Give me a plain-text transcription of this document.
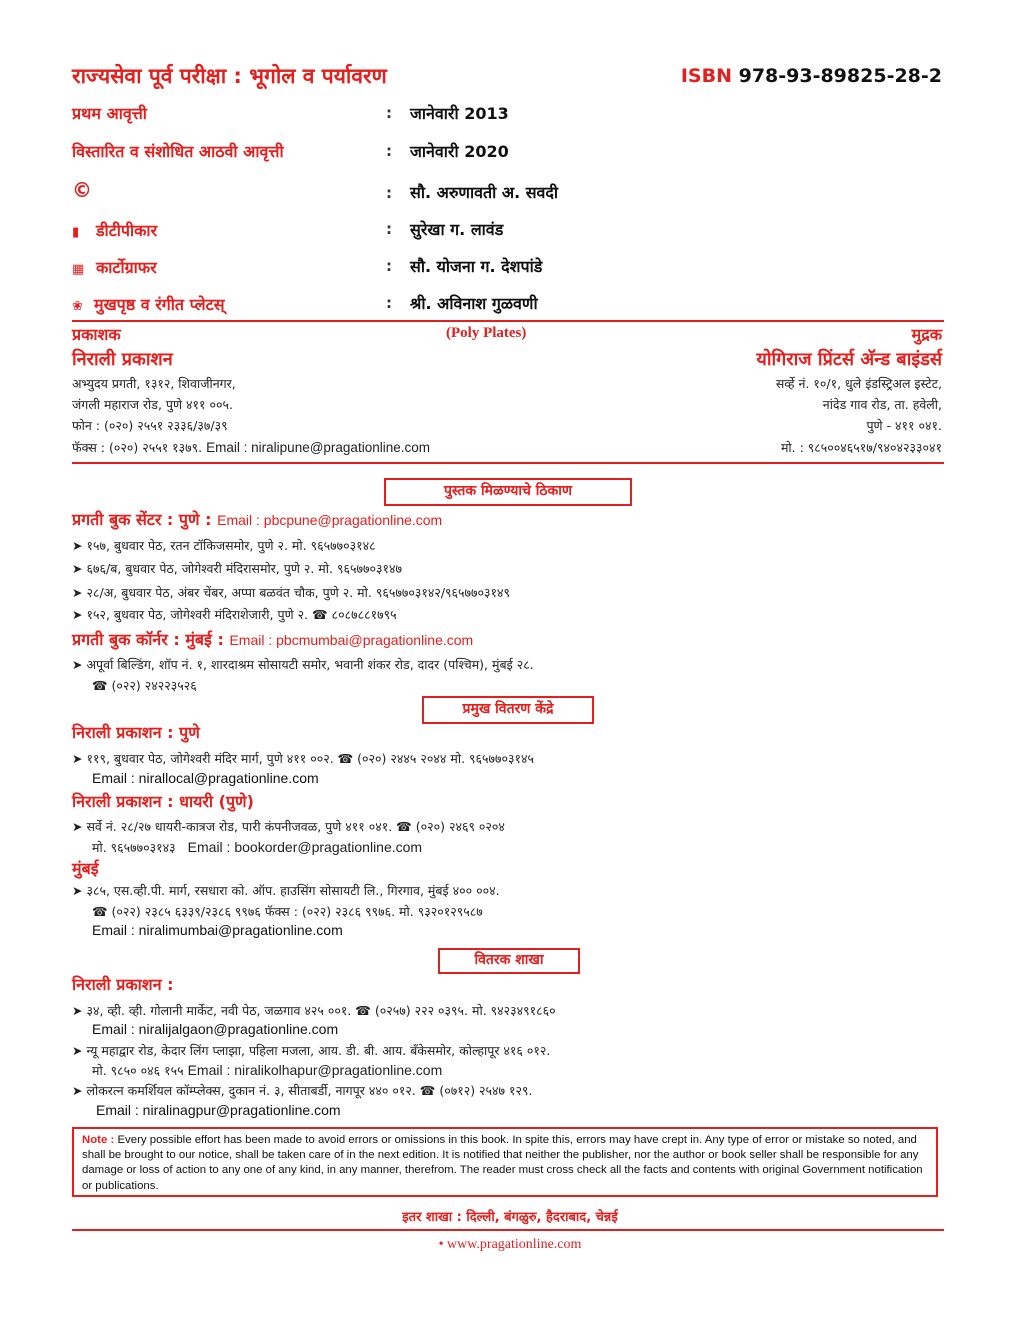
राज्यसेवा पूर्व परीक्षा : भूगोल व पर्यावरण	ISBN 978-93-89825-28-2
प्रथम आवृत्ती	: जानेवारी 2013
विस्तारित व संशोधित आठवी आवृत्ती	: जानेवारी 2020
©	: सौ. अरुणावती अ. सवदी
▮ डीटीपीकार	: सुरेखा ग. लावंड
▦ कार्टोग्राफर	: सौ. योजना ग. देशपांडे
❀ मुखपृष्ठ व रंगीत प्लेटस्	: श्री. अविनाश गुळवणी
प्रकाशक	(Poly Plates)	मुद्रक
निराली प्रकाशन	योगिराज प्रिंटर्स अ‍ॅन्ड बाइंडर्स
अभ्युदय प्रगती, १३१२, शिवाजीनगर,
जंगली महाराज रोड, पुणे ४११ ००५.
फोन : (०२०) २५५१ २३३६/३७/३९
फॅक्स : (०२०) २५५१ १३७९. Email : niralipune@pragationline.com
सर्व्हे नं. १०/१, धुले इंडस्ट्रिअल इस्टेट,
नांदेड गाव रोड, ता. हवेली,
पुणे - ४११ ०४१.
मो. : ९८५००४६५१७/९४०४२३३०४१
पुस्तक मिळण्याचे ठिकाण
प्रगती बुक सेंटर : पुणे : Email : pbcpune@pragationline.com
➤ १५७, बुधवार पेठ, रतन टॉकिजसमोर, पुणे २. मो. ९६५७७०३१४८
➤ ६७६/ब, बुधवार पेठ, जोगेश्वरी मंदिरासमोर, पुणे २. मो. ९६५७७०३१४७
➤ २८/अ, बुधवार पेठ, अंबर चेंबर, अप्पा बळवंत चौक, पुणे २. मो. ९६५७७०३१४२/९६५७७०३१४९
➤ १५२, बुधवार पेठ, जोगेश्वरी मंदिराशेजारी, पुणे २. ☎ ८०८७८८१७९५
प्रगती बुक कॉर्नर : मुंबई : Email : pbcmumbai@pragationline.com
➤ अपूर्वा बिल्डिंग, शॉप नं. १, शारदाश्रम सोसायटी समोर, भवानी शंकर रोड, दादर (पश्चिम), मुंबई २८.
☎ (०२२) २४२२३५२६
प्रमुख वितरण केंद्रे
निराली प्रकाशन : पुणे
➤ ११९, बुधवार पेठ, जोगेश्वरी मंदिर मार्ग, पुणे ४११ ००२. ☎ (०२०) २४४५ २०४४ मो. ९६५७७०३१४५
Email : nirallocal@pragationline.com
निराली प्रकाशन : धायरी (पुणे)
➤ सर्वे नं. २८/२७ धायरी-कात्रज रोड, पारी कंपनीजवळ, पुणे ४११ ०४१. ☎ (०२०) २४६९ ०२०४
मो. ९६५७७०३१४३ Email : bookorder@pragationline.com
मुंबई
➤ ३८५, एस.व्ही.पी. मार्ग, रसधारा को. ऑप. हाउसिंग सोसायटी लि., गिरगाव, मुंबई ४०० ००४.
☎ (०२२) २३८५ ६३३९/२३८६ ९९७६ फॅक्स : (०२२) २३८६ ९९७६. मो. ९३२०१२९५८७
Email : niralimumbai@pragationline.com
वितरक शाखा
निराली प्रकाशन :
➤ ३४, व्ही. व्ही. गोलानी मार्केट, नवी पेठ, जळगाव ४२५ ००१. ☎ (०२५७) २२२ ०३९५. मो. ९४२३४९१८६०
Email : niralijalgaon@pragationline.com
➤ न्यू महाद्वार रोड, केदार लिंग प्लाझा, पहिला मजला, आय. डी. बी. आय. बँकेसमोर, कोल्हापूर ४१६ ०१२.
मो. ९८५० ०४६ १५५ Email : niralikolhapur@pragationline.com
➤ लोकरत्न कमर्शियल कॉम्प्लेक्स, दुकान नं. ३, सीताबर्डी, नागपूर ४४० ०१२. ☎ (०७१२) २५४७ १२९.
Email : niralinagpur@pragationline.com
Note : Every possible effort has been made to avoid errors or omissions in this book. In spite this, errors may have crept in. Any type of error or mistake so noted, and shall be brought to our notice, shall be taken care of in the next edition. It is notified that neither the publisher, nor the author or book seller shall be responsible for any damage or loss of action to any one of any kind, in any manner, therefrom. The reader must cross check all the facts and contents with original Government notification or publications.
इतर शाखा : दिल्ली, बंगळुरु, हैदराबाद, चेन्नई
• www.pragationline.com
